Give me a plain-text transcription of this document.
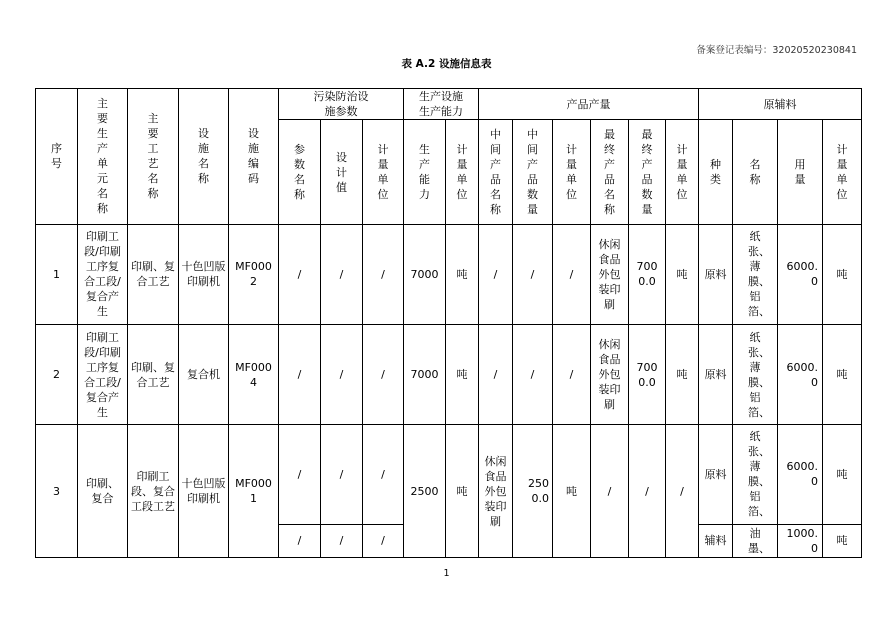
备案登记表编号：32020520230841
表 A.2 设施信息表
序号	主要生产单元名称	主要工艺名称	设施名称	设施编码	污染防治设施参数			生产设施生产能力		产品产量						原辅料			
					参数名称	设计值	计量单位	生产能力	计量单位	中间产品名称	中间产品数量	计量单位	最终产品名称	最终产品数量	计量单位	种类	名称	用量	计量单位
1	印刷工段/印刷工序复合工段/复合产生	印刷、复合工艺	十色凹版印刷机	MF0002	/	/	/	7000	吨	/	/	/	休闲食品外包装印刷	7000.0	吨	原料	纸张、薄膜、铝箔、	6000.0	吨
2	印刷工段/印刷工序复合工段/复合产生	印刷、复合工艺	复合机	MF0004	/	/	/	7000	吨	/	/	/	休闲食品外包装印刷	7000.0	吨	原料	纸张、薄膜、铝箔、	6000.0	吨
3	印刷、复合	印刷工段、复合工段工艺	十色凹版印刷机	MF0001	/	/	/	2500	吨	休闲食品外包装印刷	2500.0	吨	/	/	/	原料	纸张、薄膜、铝箔、	6000.0	吨
					/	/	/									辅料	油墨、	1000.0	吨
1
